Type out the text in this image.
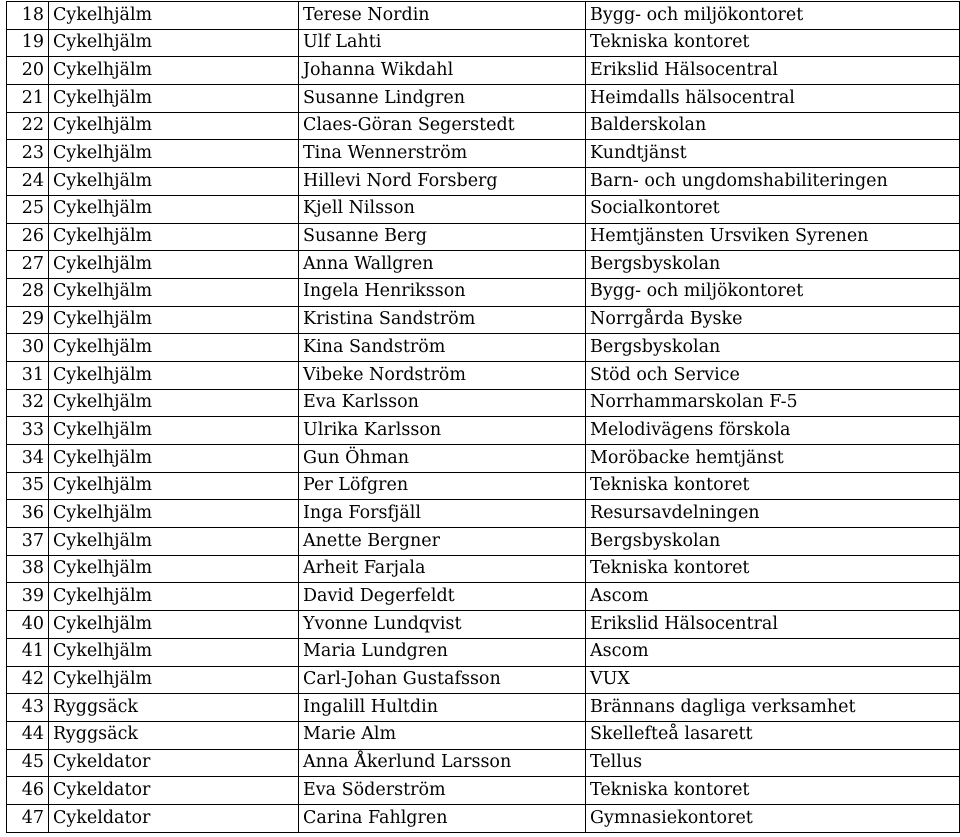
18	Cykelhjälm	Terese Nordin	Bygg- och miljökontoret
19	Cykelhjälm	Ulf Lahti	Tekniska kontoret
20	Cykelhjälm	Johanna Wikdahl	Erikslid Hälsocentral
21	Cykelhjälm	Susanne Lindgren	Heimdalls hälsocentral
22	Cykelhjälm	Claes-Göran Segerstedt	Balderskolan
23	Cykelhjälm	Tina Wennerström	Kundtjänst
24	Cykelhjälm	Hillevi Nord Forsberg	Barn- och ungdomshabiliteringen
25	Cykelhjälm	Kjell Nilsson	Socialkontoret
26	Cykelhjälm	Susanne Berg	Hemtjänsten Ursviken Syrenen
27	Cykelhjälm	Anna Wallgren	Bergsbyskolan
28	Cykelhjälm	Ingela Henriksson	Bygg- och miljökontoret
29	Cykelhjälm	Kristina Sandström	Norrgårda Byske
30	Cykelhjälm	Kina Sandström	Bergsbyskolan
31	Cykelhjälm	Vibeke Nordström	Stöd och Service
32	Cykelhjälm	Eva Karlsson	Norrhammarskolan F-5
33	Cykelhjälm	Ulrika Karlsson	Melodivägens förskola
34	Cykelhjälm	Gun Öhman	Moröbacke hemtjänst
35	Cykelhjälm	Per Löfgren	Tekniska kontoret
36	Cykelhjälm	Inga Forsfjäll	Resursavdelningen
37	Cykelhjälm	Anette Bergner	Bergsbyskolan
38	Cykelhjälm	Arheit Farjala	Tekniska kontoret
39	Cykelhjälm	David Degerfeldt	Ascom
40	Cykelhjälm	Yvonne Lundqvist	Erikslid Hälsocentral
41	Cykelhjälm	Maria Lundgren	Ascom
42	Cykelhjälm	Carl-Johan Gustafsson	VUX
43	Ryggsäck	Ingalill Hultdin	Brännans dagliga verksamhet
44	Ryggsäck	Marie Alm	Skellefteå lasarett
45	Cykeldator	Anna Åkerlund Larsson	Tellus
46	Cykeldator	Eva Söderström	Tekniska kontoret
47	Cykeldator	Carina Fahlgren	Gymnasiekontoret
